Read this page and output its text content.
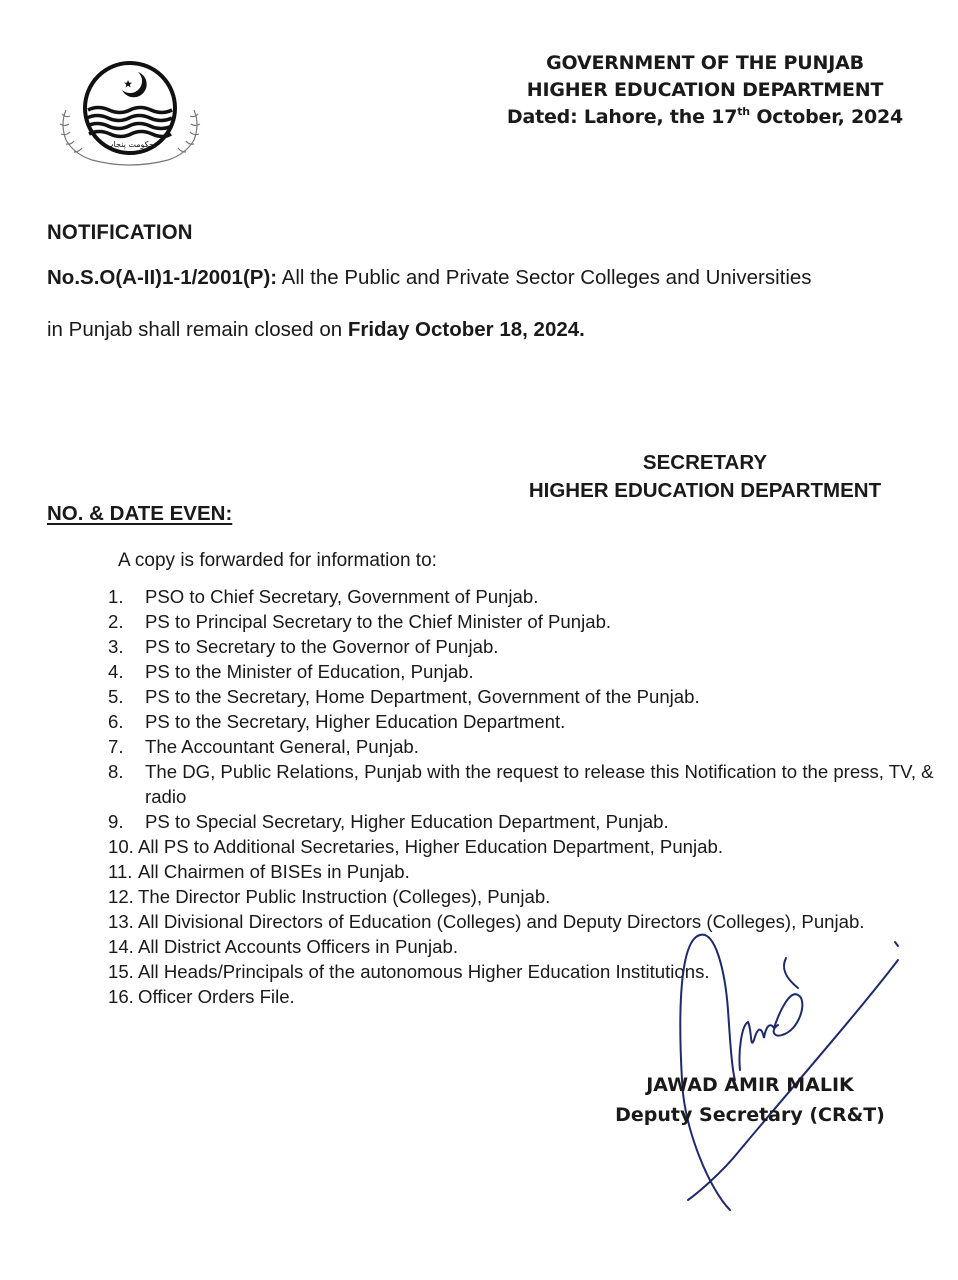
حکومت پنجاب
GOVERNMENT OF THE PUNJAB
HIGHER EDUCATION DEPARTMENT
Dated: Lahore, the 17th October, 2024
NOTIFICATION
No.S.O(A-II)1-1/2001(P): All the Public and Private Sector Colleges and Universities
in Punjab shall remain closed on Friday October 18, 2024.
SECRETARY
HIGHER EDUCATION DEPARTMENT
NO. & DATE EVEN:
A copy is forwarded for information to:
1.	PSO to Chief Secretary, Government of Punjab.
2.	PS to Principal Secretary to the Chief Minister of Punjab.
3.	PS to Secretary to the Governor of Punjab.
4.	PS to the Minister of Education, Punjab.
5.	PS to the Secretary, Home Department, Government of the Punjab.
6.	PS to the Secretary, Higher Education Department.
7.	The Accountant General, Punjab.
8.	The DG, Public Relations, Punjab with the request to release this Notification to the press, TV, & radio
9.	PS to Special Secretary, Higher Education Department, Punjab.
10. All PS to Additional Secretaries, Higher Education Department, Punjab.
11. All Chairmen of BISEs in Punjab.
12. The Director Public Instruction (Colleges), Punjab.
13. All Divisional Directors of Education (Colleges) and Deputy Directors (Colleges), Punjab.
14. All District Accounts Officers in Punjab.
15. All Heads/Principals of the autonomous Higher Education Institutions.
16. Officer Orders File.
JAWAD AMIR MALIK
Deputy Secretary (CR&T)
